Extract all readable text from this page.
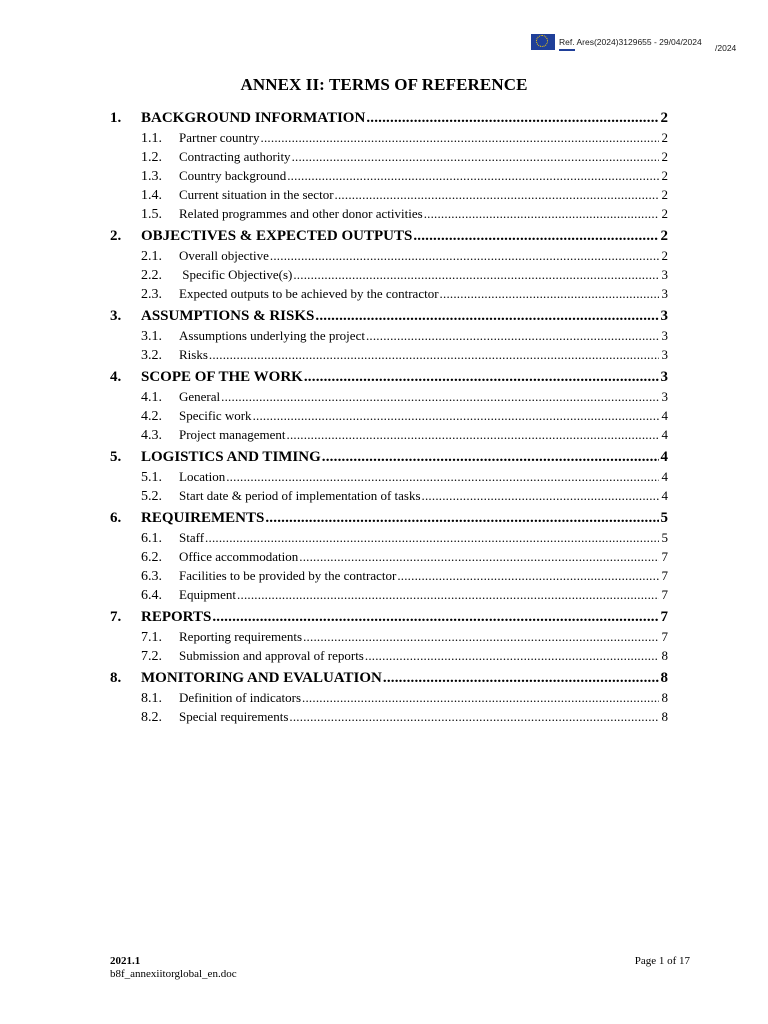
Ref. Ares(2024)3129655 - 29/04/2024
/2024
ANNEX II: TERMS OF REFERENCE
1.	BACKGROUND INFORMATION .....	2
1.1.	Partner country .....	2
1.2.	Contracting authority .....	2
1.3.	Country background .....	2
1.4.	Current situation in the sector .....	2
1.5.	Related programmes and other donor activities .....	2
2.	OBJECTIVES & EXPECTED OUTPUTS .....	2
2.1.	Overall objective .....	2
2.2.	Specific Objective(s) .....	3
2.3.	Expected outputs to be achieved by the contractor .....	3
3.	ASSUMPTIONS & RISKS .....	3
3.1.	Assumptions underlying the project .....	3
3.2.	Risks .....	3
4.	SCOPE OF THE WORK .....	3
4.1.	General .....	3
4.2.	Specific work .....	4
4.3.	Project management .....	4
5.	LOGISTICS AND TIMING .....	4
5.1.	Location .....	4
5.2.	Start date & period of implementation of tasks .....	4
6.	REQUIREMENTS .....	5
6.1.	Staff .....	5
6.2.	Office accommodation .....	7
6.3.	Facilities to be provided by the contractor .....	7
6.4.	Equipment .....	7
7.	REPORTS .....	7
7.1.	Reporting requirements .....	7
7.2.	Submission and approval of reports .....	8
8.	MONITORING AND EVALUATION .....	8
8.1.	Definition of indicators .....	8
8.2.	Special requirements .....	8
2021.1
b8f_annexiitorglobal_en.doc
Page 1 of 17
